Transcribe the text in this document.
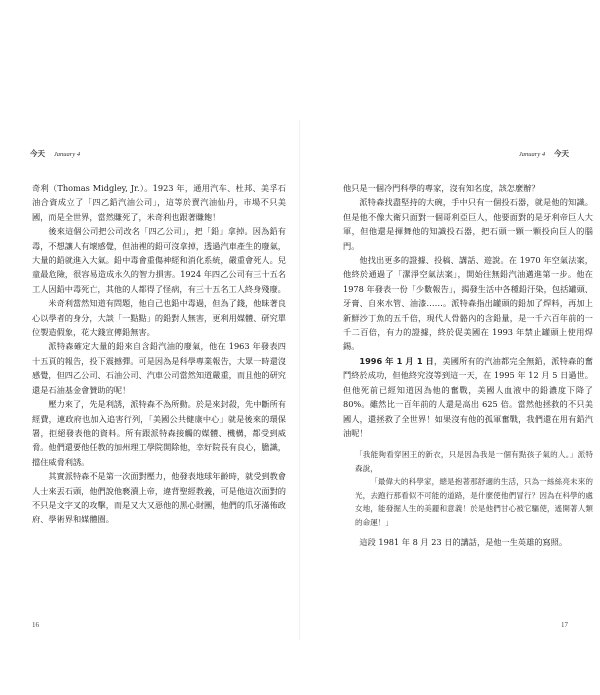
今天 January 4

奇利（Thomas Midgley, Jr.）。1923 年，通用汽车、杜邦、美孚石油合資成立了「四乙鉛汽油公司」，這等於賣汽油仙丹，市場不只美國，而是全世界，當然賺死了，米奇利也跟著賺飽！

後來這個公司把公司改名「四乙公司」，把「鉛」拿掉。因為鉛有毒，不想讓人有壞感覺，但油裡的鉛可沒拿掉，透過汽車產生的廢氣，大量的鉛就進入大氣。鉛中毒會重傷神經和消化系統，嚴重會死人。兒童最危險，很容易造成永久的智力損害。1924 年四乙公司有三十五名工人因鉛中毒死亡，其他的人都得了怪病，有三十五名工人終身殘廢。

米奇利當然知道有問題，他自己也鉛中毒過，但為了錢，他昧著良心以學者的身分，大談「一點點」的鉛對人無害，更利用媒體、研究單位製造假象，花大錢宣傳鉛無害。

派特森確定大量的鉛來自含鉛汽油的廢氣，他在 1963 年發表四十五頁的報告，投下震撼彈。可是因為是科學專業報告，大眾一時還沒感覺，但四乙公司、石油公司、汽車公司當然知道嚴重，而且他的研究還是石油基金會贊助的呢！

壓力來了，先是利誘，派特森不為所動。於是來封殺，先中斷所有經費，連政府也加入追害行列，「美國公共健康中心」就是後來的環保署，拒絕發表他的資料。所有跟派特森接觸的媒體、機構，都受到威脅。他們還要他任教的加州理工學院開除他，幸好院長有良心，膽識，擋住威脅利誘。

其實派特森不是第一次面對壓力，他發表地球年齡時，就受到教會人士來丟石頭，他們說他褻瀆上帝，違背聖經教義，可是他這次面對的不只是文字叉的攻擊，而是又大又惡他的黑心財團，他們的爪牙滿佈政府、學術界和媒體圈。

16
January 4 今天

他只是一個冷門科學的專家，沒有知名度，該怎麼辦？

派特森找盡堅持的大碗，手中只有一個投石器，就是他的知識。但是他不像大衛只面對一個哥利亞巨人，他要面對的是牙利帝巨人大軍，但他還是揮舞他的知識投石器，把石頭一顆一顆投向巨人的腦門。

他找出更多的證據、投稿、講話、遊說。在 1970 年空氣法案，他終於通過了「潔淨空氣法案」，開始往無鉛汽油邁進第一步。他在 1978 年發表一份「少數報告」，揭發生活中各種鉛汙染，包括罐頭、牙膏、自來水管、油漆……。派特森指出罐頭的鉛加了焊料，再加上新鮮沙丁魚的五千倍，現代人骨骼內的含鉛量，是一千六百年前的一千二百倍，有力的證據，終於促美國在 1993 年禁止罐頭上使用焊錫。

1996 年 1 月 1 日，美國所有的汽油都完全無鉛，派特森的奮鬥終於成功，但他終究沒等到這一天，在 1995 年 12 月 5 日過世。但他死前已經知道因為他的奮戰，美國人血液中的鉛濃度下降了 80%。雖然比一百年前的人還是高出 625 倍。當然他拯救的不只美國人，還拯救了全世界！如果沒有他的孤軍奮戰，我們還在用有鉛汽油呢！

「我能夠看穿困王的新衣，只是因為我是一個有點孩子氣的人。」派特森說，

「最偉大的科學家，總是抱著那舒適的生活，只為一絲絲亮未來的光，去跑行那看似不可能的道路，是什麼使他們冒行？因為在科學的處女地，能發掘人生的美麗和意義！於是他們甘心被它驅使，遙開著人類的命運！」

這段 1981 年 8 月 23 日的講話，是他一生英雄的寫照。

17
